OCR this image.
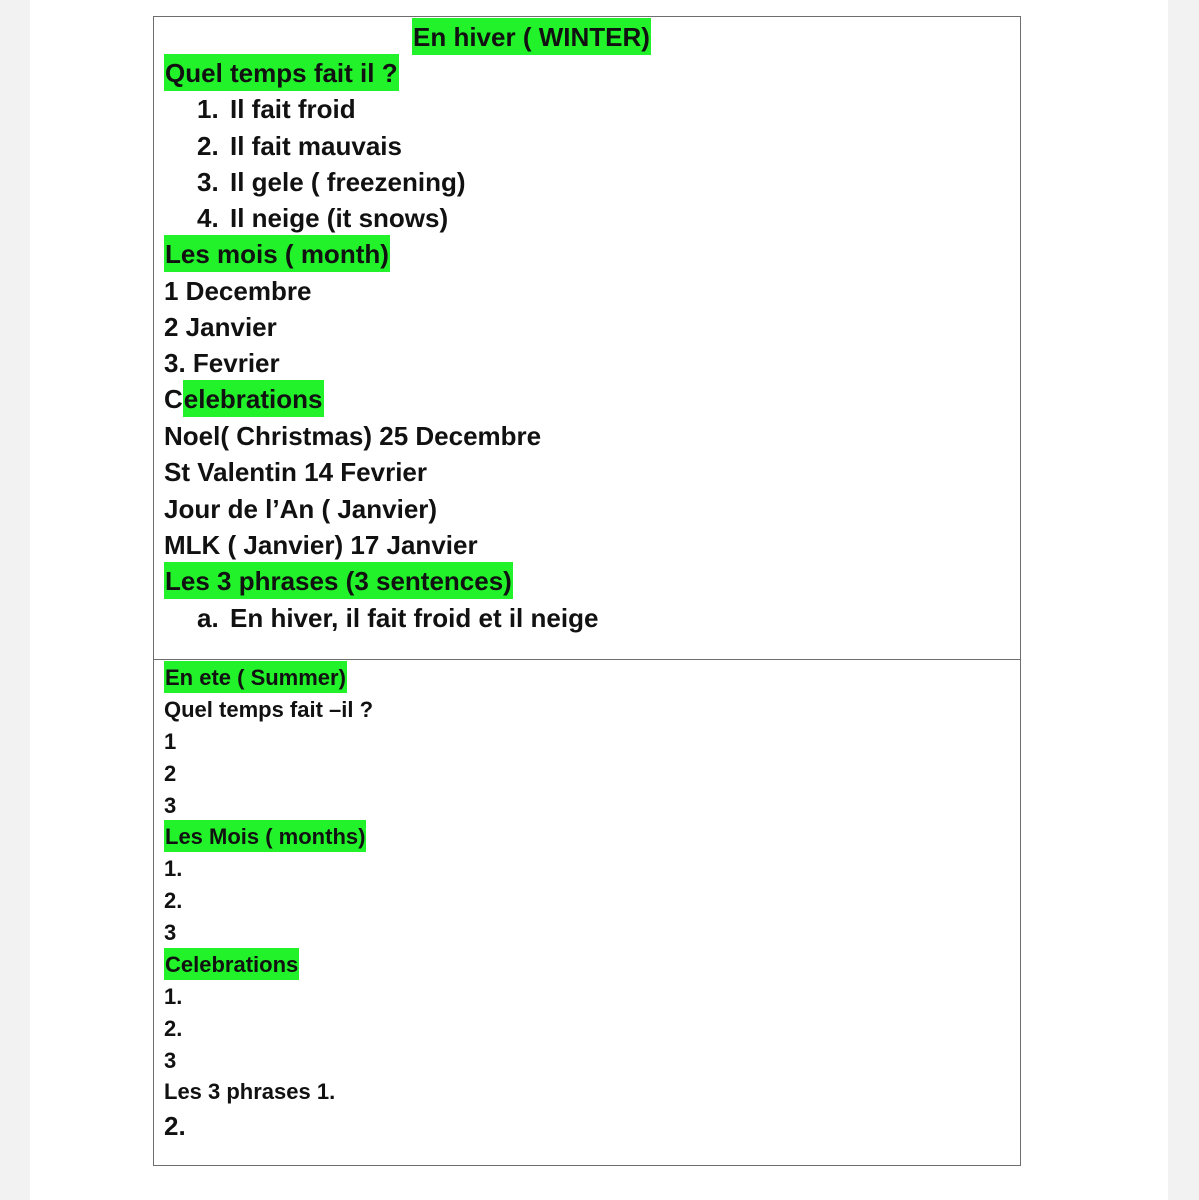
En hiver ( WINTER)
Quel temps fait il ?
1. Il fait froid
2. Il fait mauvais
3. Il gele ( freezening)
4. Il neige (it snows)
Les mois ( month)
1 Decembre
2 Janvier
3. Fevrier
Celebrations
Noel( Christmas) 25 Decembre
St Valentin 14 Fevrier
Jour de l’An ( Janvier)
MLK ( Janvier) 17 Janvier
Les 3 phrases (3 sentences)
a. En hiver, il fait froid et il neige
En ete ( Summer)
Quel temps fait –il ?
1
2
3
Les Mois ( months)
1.
2.
3
Celebrations
1.
2.
3
Les 3 phrases 1.
2.
